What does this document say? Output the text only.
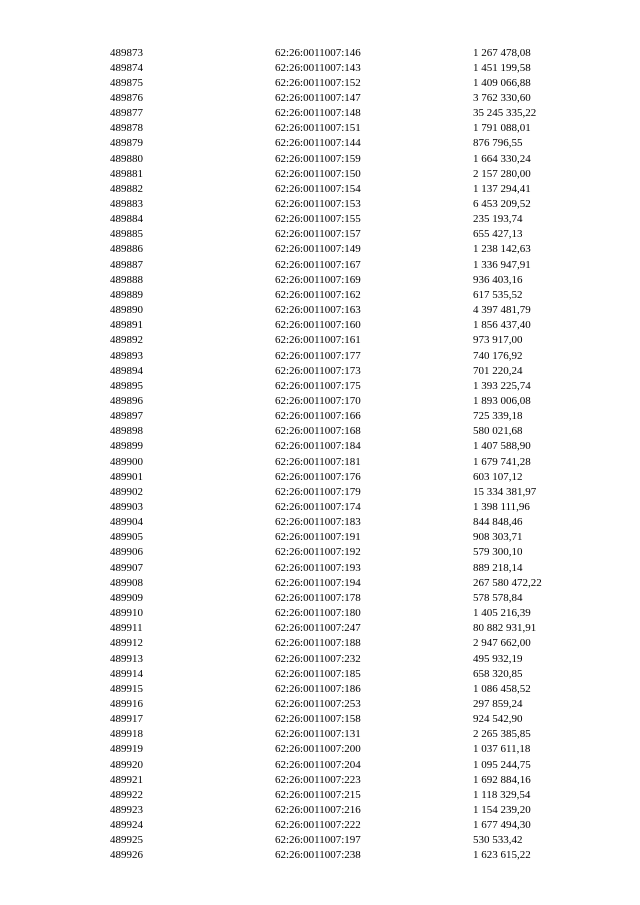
489873	62:26:0011007:146	1 267 478,08
489874	62:26:0011007:143	1 451 199,58
489875	62:26:0011007:152	1 409 066,88
489876	62:26:0011007:147	3 762 330,60
489877	62:26:0011007:148	35 245 335,22
489878	62:26:0011007:151	1 791 088,01
489879	62:26:0011007:144	876 796,55
489880	62:26:0011007:159	1 664 330,24
489881	62:26:0011007:150	2 157 280,00
489882	62:26:0011007:154	1 137 294,41
489883	62:26:0011007:153	6 453 209,52
489884	62:26:0011007:155	235 193,74
489885	62:26:0011007:157	655 427,13
489886	62:26:0011007:149	1 238 142,63
489887	62:26:0011007:167	1 336 947,91
489888	62:26:0011007:169	936 403,16
489889	62:26:0011007:162	617 535,52
489890	62:26:0011007:163	4 397 481,79
489891	62:26:0011007:160	1 856 437,40
489892	62:26:0011007:161	973 917,00
489893	62:26:0011007:177	740 176,92
489894	62:26:0011007:173	701 220,24
489895	62:26:0011007:175	1 393 225,74
489896	62:26:0011007:170	1 893 006,08
489897	62:26:0011007:166	725 339,18
489898	62:26:0011007:168	580 021,68
489899	62:26:0011007:184	1 407 588,90
489900	62:26:0011007:181	1 679 741,28
489901	62:26:0011007:176	603 107,12
489902	62:26:0011007:179	15 334 381,97
489903	62:26:0011007:174	1 398 111,96
489904	62:26:0011007:183	844 848,46
489905	62:26:0011007:191	908 303,71
489906	62:26:0011007:192	579 300,10
489907	62:26:0011007:193	889 218,14
489908	62:26:0011007:194	267 580 472,22
489909	62:26:0011007:178	578 578,84
489910	62:26:0011007:180	1 405 216,39
489911	62:26:0011007:247	80 882 931,91
489912	62:26:0011007:188	2 947 662,00
489913	62:26:0011007:232	495 932,19
489914	62:26:0011007:185	658 320,85
489915	62:26:0011007:186	1 086 458,52
489916	62:26:0011007:253	297 859,24
489917	62:26:0011007:158	924 542,90
489918	62:26:0011007:131	2 265 385,85
489919	62:26:0011007:200	1 037 611,18
489920	62:26:0011007:204	1 095 244,75
489921	62:26:0011007:223	1 692 884,16
489922	62:26:0011007:215	1 118 329,54
489923	62:26:0011007:216	1 154 239,20
489924	62:26:0011007:222	1 677 494,30
489925	62:26:0011007:197	530 533,42
489926	62:26:0011007:238	1 623 615,22
